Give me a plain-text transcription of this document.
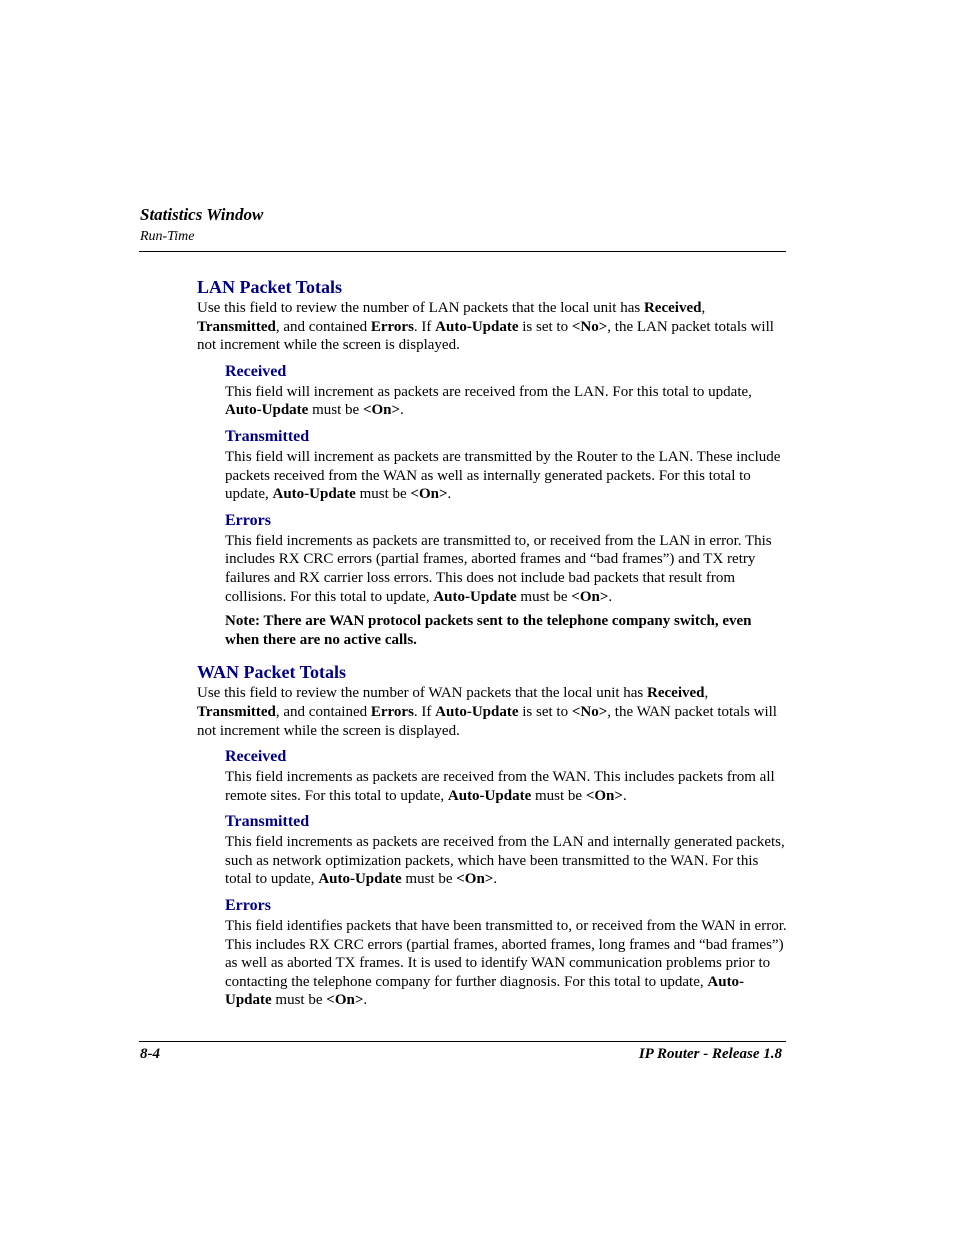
Statistics Window
Run-Time
LAN Packet Totals

Use this field to review the number of LAN packets that the local unit has Received, Transmitted, and contained Errors. If Auto-Update is set to <No>, the LAN packet totals will not increment while the screen is displayed.

Received

This field will increment as packets are received from the LAN. For this total to update, Auto-Update must be <On>.

Transmitted

This field will increment as packets are transmitted by the Router to the LAN. These include packets received from the WAN as well as internally generated packets. For this total to update, Auto-Update must be <On>.

Errors

This field increments as packets are transmitted to, or received from the LAN in error. This includes RX CRC errors (partial frames, aborted frames and “bad frames”) and TX retry failures and RX carrier loss errors. This does not include bad packets that result from collisions. For this total to update, Auto-Update must be <On>.

Note: There are WAN protocol packets sent to the telephone company switch, even when there are no active calls.

WAN Packet Totals

Use this field to review the number of WAN packets that the local unit has Received, Transmitted, and contained Errors. If Auto-Update is set to <No>, the WAN packet totals will not increment while the screen is displayed.

Received

This field increments as packets are received from the WAN. This includes packets from all remote sites. For this total to update, Auto-Update must be <On>.

Transmitted

This field increments as packets are received from the LAN and internally generated packets, such as network optimization packets, which have been transmitted to the WAN. For this total to update, Auto-Update must be <On>.

Errors

This field identifies packets that have been transmitted to, or received from the WAN in error. This includes RX CRC errors (partial frames, aborted frames, long frames and “bad frames”) as well as aborted TX frames. It is used to identify WAN communication problems prior to contacting the telephone company for further diagnosis. For this total to update, Auto-Update must be <On>.

8-4	IP Router - Release 1.8
